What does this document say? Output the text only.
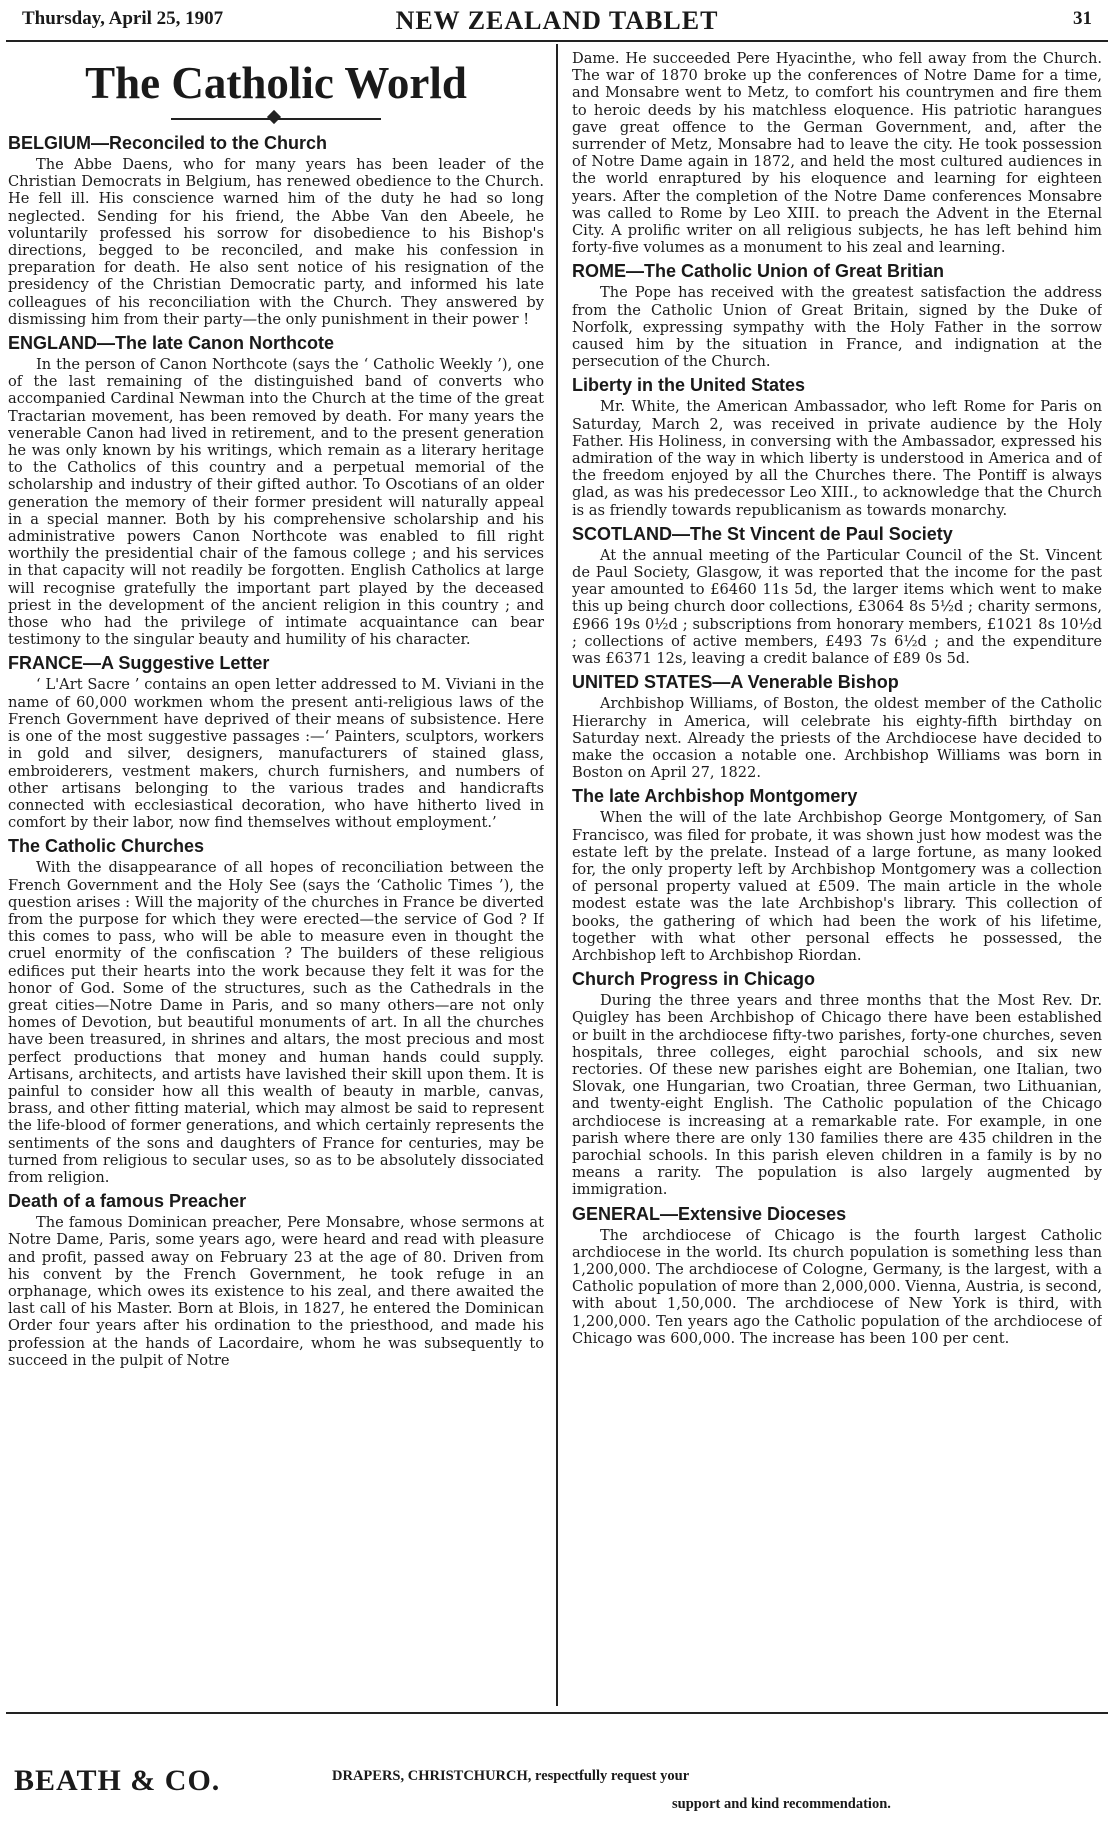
Thursday, April 25, 1907	NEW ZEALAND TABLET	31
The Catholic World
BELGIUM—Reconciled to the Church

The Abbe Daens, who for many years has been leader of the Christian Democrats in Belgium, has renewed obedience to the Church. He fell ill. His conscience warned him of the duty he had so long neglected. Sending for his friend, the Abbe Van den Abeele, he voluntarily professed his sorrow for disobedience to his Bishop's directions, begged to be reconciled, and make his confession in preparation for death. He also sent notice of his resignation of the presidency of the Christian Democratic party, and informed his late colleagues of his reconciliation with the Church. They answered by dismissing him from their party—the only punishment in their power !

ENGLAND—The late Canon Northcote

In the person of Canon Northcote (says the ‘ Catholic Weekly ’), one of the last remaining of the distinguished band of converts who accompanied Cardinal Newman into the Church at the time of the great Tractarian movement, has been removed by death. For many years the venerable Canon had lived in retirement, and to the present generation he was only known by his writings, which remain as a literary heritage to the Catholics of this country and a perpetual memorial of the scholarship and industry of their gifted author. To Oscotians of an older generation the memory of their former president will naturally appeal in a special manner. Both by his comprehensive scholarship and his administrative powers Canon Northcote was enabled to fill right worthily the presidential chair of the famous college ; and his services in that capacity will not readily be forgotten. English Catholics at large will recognise gratefully the important part played by the deceased priest in the development of the ancient religion in this country ; and those who had the privilege of intimate acquaintance can bear testimony to the singular beauty and humility of his character.

FRANCE—A Suggestive Letter

‘ L'Art Sacre ’ contains an open letter addressed to M. Viviani in the name of 60,000 workmen whom the present anti-religious laws of the French Government have deprived of their means of subsistence. Here is one of the most suggestive passages :—‘ Painters, sculptors, workers in gold and silver, designers, manufacturers of stained glass, embroiderers, vestment makers, church furnishers, and numbers of other artisans belonging to the various trades and handicrafts connected with ecclesiastical decoration, who have hitherto lived in comfort by their labor, now find themselves without employment.’

The Catholic Churches

With the disappearance of all hopes of reconciliation between the French Government and the Holy See (says the ‘Catholic Times ’), the question arises : Will the majority of the churches in France be diverted from the purpose for which they were erected—the service of God ? If this comes to pass, who will be able to measure even in thought the cruel enormity of the confiscation ? The builders of these religious edifices put their hearts into the work because they felt it was for the honor of God. Some of the structures, such as the Cathedrals in the great cities—Notre Dame in Paris, and so many others—are not only homes of Devotion, but beautiful monuments of art. In all the churches have been treasured, in shrines and altars, the most precious and most perfect productions that money and human hands could supply. Artisans, architects, and artists have lavished their skill upon them. It is painful to consider how all this wealth of beauty in marble, canvas, brass, and other fitting material, which may almost be said to represent the life-blood of former generations, and which certainly represents the sentiments of the sons and daughters of France for centuries, may be turned from religious to secular uses, so as to be absolutely dissociated from religion.

Death of a famous Preacher

The famous Dominican preacher, Pere Monsabre, whose sermons at Notre Dame, Paris, some years ago, were heard and read with pleasure and profit, passed away on February 23 at the age of 80. Driven from his convent by the French Government, he took refuge in an orphanage, which owes its existence to his zeal, and there awaited the last call of his Master. Born at Blois, in 1827, he entered the Dominican Order four years after his ordination to the priesthood, and made his profession at the hands of Lacordaire, whom he was subsequently to succeed in the pulpit of Notre

Dame. He succeeded Pere Hyacinthe, who fell away from the Church. The war of 1870 broke up the conferences of Notre Dame for a time, and Monsabre went to Metz, to comfort his countrymen and fire them to heroic deeds by his matchless eloquence. His patriotic harangues gave great offence to the German Government, and, after the surrender of Metz, Monsabre had to leave the city. He took possession of Notre Dame again in 1872, and held the most cultured audiences in the world enraptured by his eloquence and learning for eighteen years. After the completion of the Notre Dame conferences Monsabre was called to Rome by Leo XIII. to preach the Advent in the Eternal City. A prolific writer on all religious subjects, he has left behind him forty-five volumes as a monument to his zeal and learning.

ROME—The Catholic Union of Great Britian

The Pope has received with the greatest satisfaction the address from the Catholic Union of Great Britain, signed by the Duke of Norfolk, expressing sympathy with the Holy Father in the sorrow caused him by the situation in France, and indignation at the persecution of the Church.

Liberty in the United States

Mr. White, the American Ambassador, who left Rome for Paris on Saturday, March 2, was received in private audience by the Holy Father. His Holiness, in conversing with the Ambassador, expressed his admiration of the way in which liberty is understood in America and of the freedom enjoyed by all the Churches there. The Pontiff is always glad, as was his predecessor Leo XIII., to acknowledge that the Church is as friendly towards republicanism as towards monarchy.

SCOTLAND—The St Vincent de Paul Society

At the annual meeting of the Particular Council of the St. Vincent de Paul Society, Glasgow, it was reported that the income for the past year amounted to £6460 11s 5d, the larger items which went to make this up being church door collections, £3064 8s 5½d ; charity sermons, £966 19s 0½d ; subscriptions from honorary members, £1021 8s 10½d ; collections of active members, £493 7s 6½d ; and the expenditure was £6371 12s, leaving a credit balance of £89 0s 5d.

UNITED STATES—A Venerable Bishop

Archbishop Williams, of Boston, the oldest member of the Catholic Hierarchy in America, will celebrate his eighty-fifth birthday on Saturday next. Already the priests of the Archdiocese have decided to make the occasion a notable one. Archbishop Williams was born in Boston on April 27, 1822.

The late Archbishop Montgomery

When the will of the late Archbishop George Montgomery, of San Francisco, was filed for probate, it was shown just how modest was the estate left by the prelate. Instead of a large fortune, as many looked for, the only property left by Archbishop Montgomery was a collection of personal property valued at £509. The main article in the whole modest estate was the late Archbishop's library. This collection of books, the gathering of which had been the work of his lifetime, together with what other personal effects he possessed, the Archbishop left to Archbishop Riordan.

Church Progress in Chicago

During the three years and three months that the Most Rev. Dr. Quigley has been Archbishop of Chicago there have been established or built in the archdiocese fifty-two parishes, forty-one churches, seven hospitals, three colleges, eight parochial schools, and six new rectories. Of these new parishes eight are Bohemian, one Italian, two Slovak, one Hungarian, two Croatian, three German, two Lithuanian, and twenty-eight English. The Catholic population of the Chicago archdiocese is increasing at a remarkable rate. For example, in one parish where there are only 130 families there are 435 children in the parochial schools. In this parish eleven children in a family is by no means a rarity. The population is also largely augmented by immigration.

GENERAL—Extensive Dioceses

The archdiocese of Chicago is the fourth largest Catholic archdiocese in the world. Its church population is something less than 1,200,000. The archdiocese of Cologne, Germany, is the largest, with a Catholic population of more than 2,000,000. Vienna, Austria, is second, with about 1,50,000. The archdiocese of New York is third, with 1,200,000. Ten years ago the Catholic population of the archdiocese of Chicago was 600,000. The increase has been 100 per cent.

BEATH & CO.	DRAPERS, CHRISTCHURCH, respectfully request your
support and kind recommendation.
